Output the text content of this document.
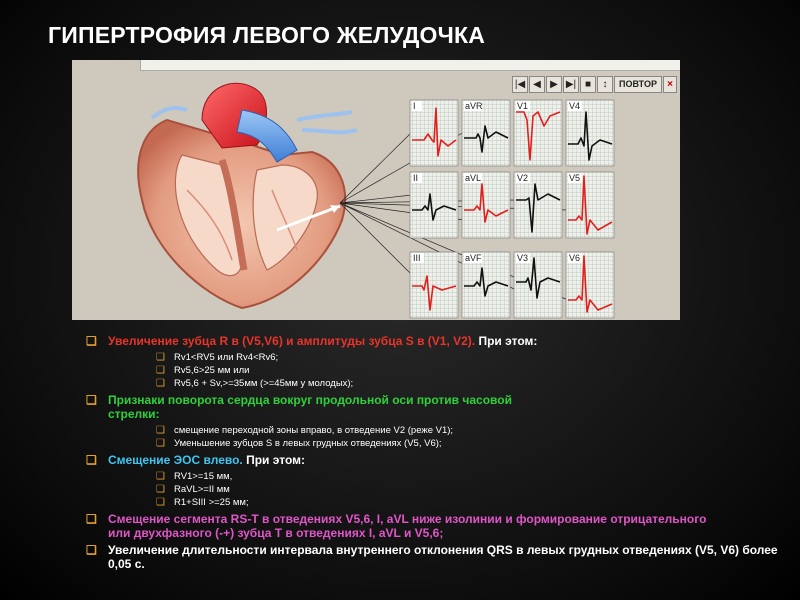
ГИПЕРТРОФИЯ ЛЕВОГО ЖЕЛУДОЧКА
|◀ ◀ ▶ ▶| ■	↕	ПОВТОР	×
I	aVR	V1	V4
II	aVL	V2	V5
III	aVF	V3	V6
❑ Увеличение зубца R в (V5,V6) и амплитуды зубца S в (V1, V2). При этом:
❑ Rv1<RV5 или Rv4<Rv6;
❑ Rv5,6>25 мм или
❑ Rv5,6 + Sv,>=35мм (>=45мм у молодых);
❑ Признаки поворота сердца вокруг продольной оси против часовой стрелки:
❑ смещение переходной зоны вправо, в отведение V2 (реже V1);
❑ Уменьшение зубцов S в левых грудных отведениях (V5, V6);
❑ Смещение ЭОС влево. При этом:
❑ RV1>=15 мм,
❑ RaVL>=II мм
❑ R1+SIII >=25 мм;
❑ Смещение сегмента RS-T в отведениях V5,6, I, aVL ниже изолинии и формирование отрицательного или двухфазного (-+) зубца T в отведениях I, aVL и V5,6;
❑ Увеличение длительности интервала внутреннего отклонения QRS в левых грудных отведениях (V5, V6) более 0,05 с.
